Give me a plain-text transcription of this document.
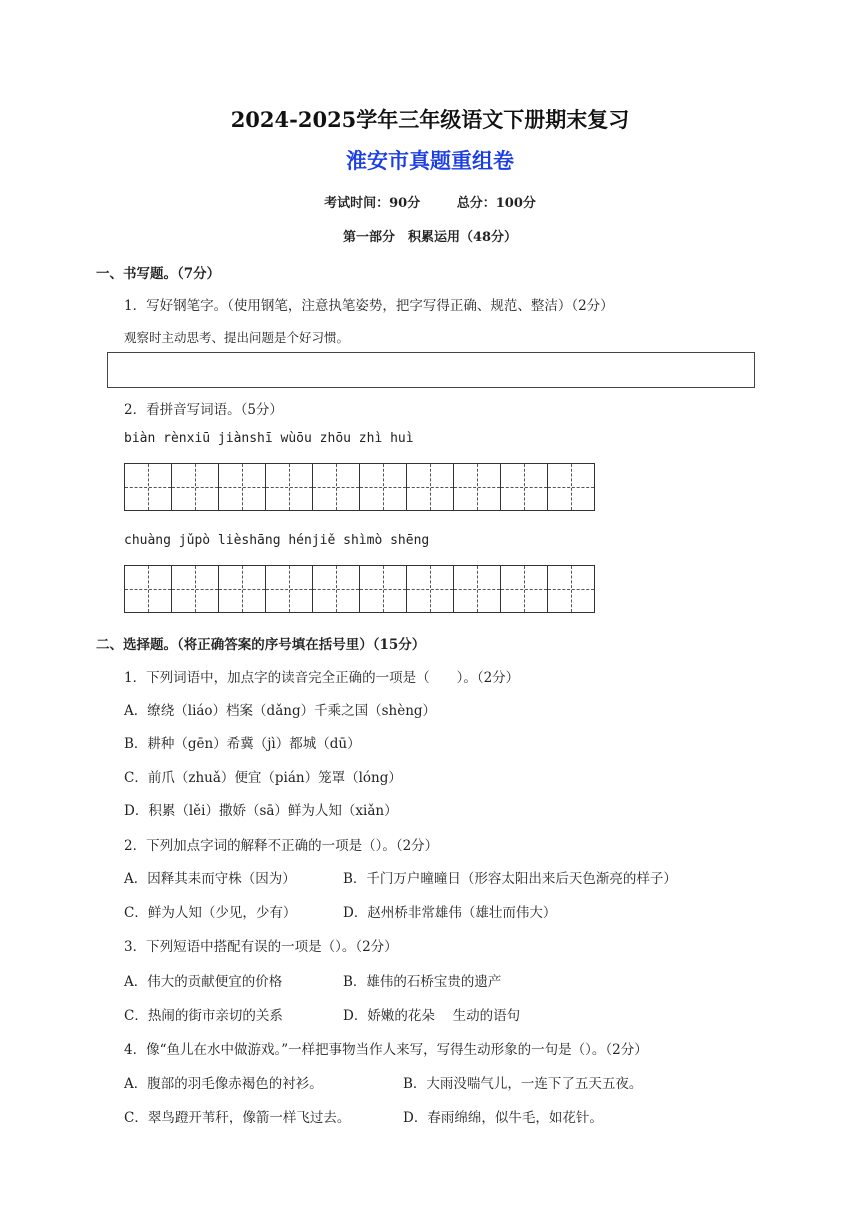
2024-2025学年三年级语文下册期末复习
淮安市真题重组卷
考试时间：90分	总分：100分
第一部分　积累运用（48分）
一、书写题。（7分）
1．写好钢笔字。（使用钢笔，注意执笔姿势，把字写得正确、规范、整洁）（2分）
观察时主动思考、提出问题是个好习惯。
2．看拼音写词语。（5分）
biàn rènxiū jiànshī wùōu zhōu zhì huì
chuàng jǔpò lièshāng hénjiě shìmò shēng
二、选择题。（将正确答案的序号填在括号里）（15分）
1．下列词语中，加点字的读音完全正确的一项是（　　）。（2分）
A．缭绕（liáo）档案（dǎng）千乘之国（shèng）
B．耕种（gēn）希冀（jì）都城（dū）
C．前爪（zhuǎ）便宜（pián）笼罩（lóng）
D．积累（lěi）撒娇（sā）鲜为人知（xiǎn）
2．下列加点字词的解释不正确的一项是（）。（2分）
A．因释其耒而守株（因为）	B．千门万户曈曈日（形容太阳出来后天色渐亮的样子）
C．鲜为人知（少见，少有）	D．赵州桥非常雄伟（雄壮而伟大）
3．下列短语中搭配有误的一项是（）。（2分）
A．伟大的贡献便宜的价格	B．雄伟的石桥宝贵的遗产
C．热闹的街市亲切的关系	D．娇嫩的花朵　 生动的语句
4．像“鱼儿在水中做游戏。”一样把事物当作人来写，写得生动形象的一句是（）。（2分）
A．腹部的羽毛像赤褐色的衬衫。	B．大雨没喘气儿，一连下了五天五夜。
C．翠鸟蹬开苇秆，像箭一样飞过去。	D．春雨绵绵，似牛毛，如花针。
